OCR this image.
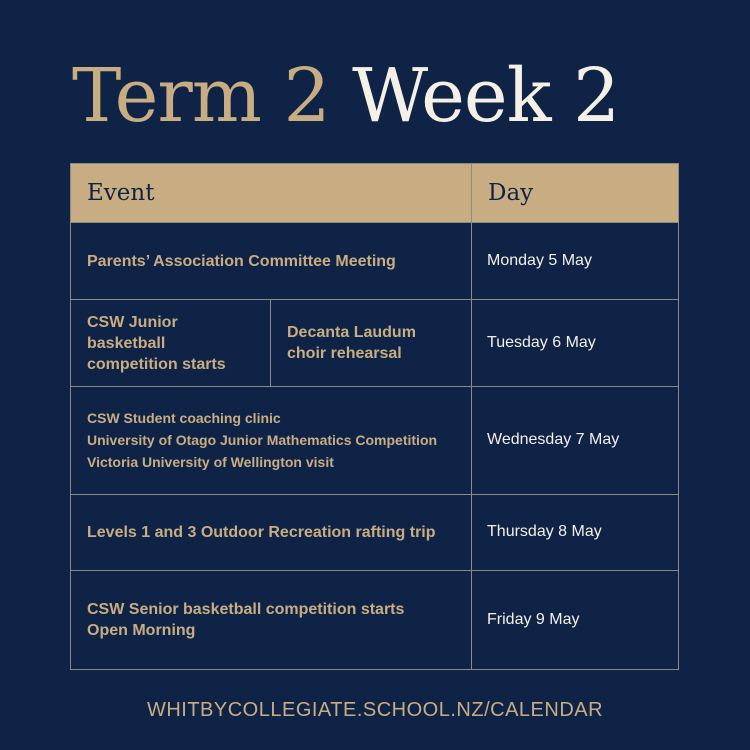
Term 2 Week 2
Event		Day
Parents’ Association Committee Meeting		Monday 5 May
CSW Junior basketball competition starts	Decanta Laudum choir rehearsal	Tuesday 6 May

CSW Student coaching clinic
University of Otago Junior Mathematics Competition
Victoria University of Wellington visit		Wednesday 7 May
Levels 1 and 3 Outdoor Recreation rafting trip		Thursday 8 May

CSW Senior basketball competition starts
Open Morning		Friday 9 May
WHITBYCOLLEGIATE.SCHOOL.NZ/CALENDAR
